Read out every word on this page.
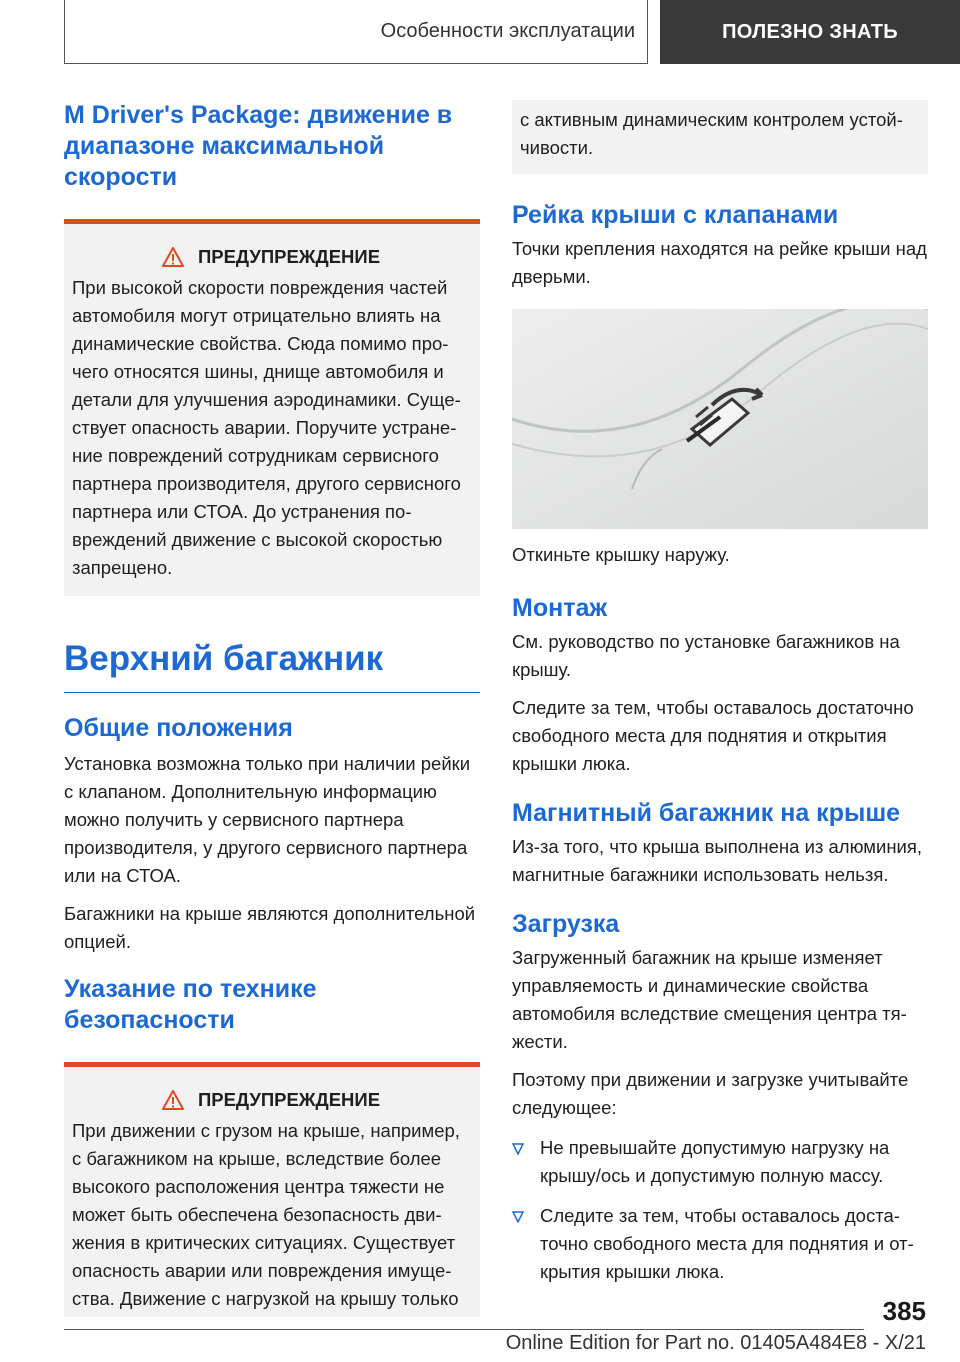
Особенности эксплуатации	ПОЛЕЗНО ЗНАТЬ
M Driver's Package: движение в диапазоне максимальной скорости
ПРЕДУПРЕЖДЕНИЕ

При высокой скорости повреждения частей автомобиля могут отрицательно влиять на динамические свойства. Сюда помимо прочего относятся шины, днище автомобиля и детали для улучшения аэродинамики. Существует опасность аварии. Поручите устранение повреждений сотрудникам сервисного партнера производителя, другого сервисного партнера или СТОА. До устранения повреждений движение с высокой скоростью запрещено.

Верхний багажник
Общие положения

Установка возможна только при наличии рейки с клапаном. Дополнительную информацию можно получить у сервисного партнера производителя, у другого сервисного партнера или на СТОА.

Багажники на крыше являются дополнительной опцией.

Указание по технике безопасности
ПРЕДУПРЕЖДЕНИЕ

При движении с грузом на крыше, например, с багажником на крыше, вследствие более высокого расположения центра тяжести не может быть обеспечена безопасность движения в критических ситуациях. Существует опасность аварии или повреждения имущества. Движение с нагрузкой на крышу только

с активным динамическим контролем устойчивости.

Рейка крыши с клапанами

Точки крепления находятся на рейке крыши над дверьми.

Откиньте крышку наружу.

Монтаж

См. руководство по установке багажников на крышу.

Следите за тем, чтобы оставалось достаточно свободного места для поднятия и открытия крышки люка.

Магнитный багажник на крыше

Из-за того, что крыша выполнена из алюминия, магнитные багажники использовать нельзя.

Загрузка

Загруженный багажник на крыше изменяет управляемость и динамические свойства автомобиля вследствие смещения центра тяжести.

Поэтому при движении и загрузке учитывайте следующее:

Не превышайте допустимую нагрузку на крышу/ось и допустимую полную массу.
Следите за тем, чтобы оставалось достаточно свободного места для поднятия и открытия крышки люка.
385
Online Edition for Part no. 01405A484E8 - X/21
